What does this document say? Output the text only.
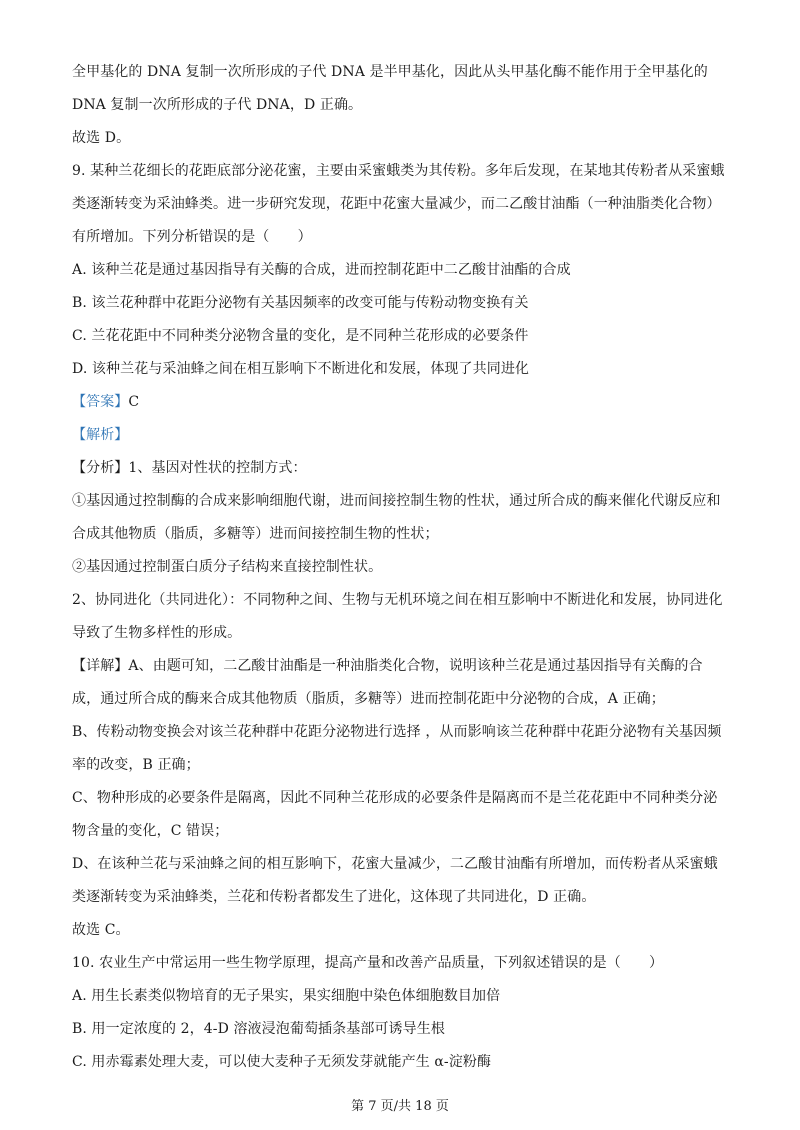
全甲基化的 DNA 复制一次所形成的子代 DNA 是半甲基化，因此从头甲基化酶不能作用于全甲基化的
DNA 复制一次所形成的子代 DNA，D 正确。
故选 D。
9. 某种兰花细长的花距底部分泌花蜜，主要由采蜜蛾类为其传粉。多年后发现，在某地其传粉者从采蜜蛾
类逐渐转变为采油蜂类。进一步研究发现，花距中花蜜大量减少，而二乙酸甘油酯（一种油脂类化合物）
有所增加。下列分析错误的是（　　）
A. 该种兰花是通过基因指导有关酶的合成，进而控制花距中二乙酸甘油酯的合成
B. 该兰花种群中花距分泌物有关基因频率的改变可能与传粉动物变换有关
C. 兰花花距中不同种类分泌物含量的变化，是不同种兰花形成的必要条件
D. 该种兰花与采油蜂之间在相互影响下不断进化和发展，体现了共同进化
【答案】C
【解析】
【分析】1、基因对性状的控制方式：
①基因通过控制酶的合成来影响细胞代谢，进而间接控制生物的性状，通过所合成的酶来催化代谢反应和
合成其他物质（脂质，多糖等）进而间接控制生物的性状；
②基因通过控制蛋白质分子结构来直接控制性状。
2、协同进化（共同进化）：不同物种之间、生物与无机环境之间在相互影响中不断进化和发展，协同进化
导致了生物多样性的形成。
【详解】A、由题可知，二乙酸甘油酯是一种油脂类化合物，说明该种兰花是通过基因指导有关酶的合
成，通过所合成的酶来合成其他物质（脂质，多糖等）进而控制花距中分泌物的合成，A 正确；
B、传粉动物变换会对该兰花种群中花距分泌物进行选择 ，从而影响该兰花种群中花距分泌物有关基因频
率的改变，B 正确；
C、物种形成的必要条件是隔离，因此不同种兰花形成的必要条件是隔离而不是兰花花距中不同种类分泌
物含量的变化，C 错误；
D、在该种兰花与采油蜂之间的相互影响下，花蜜大量减少，二乙酸甘油酯有所增加，而传粉者从采蜜蛾
类逐渐转变为采油蜂类，兰花和传粉者都发生了进化，这体现了共同进化，D 正确。
故选 C。
10. 农业生产中常运用一些生物学原理，提高产量和改善产品质量，下列叙述错误的是（　　）
A. 用生长素类似物培育的无子果实，果实细胞中染色体细胞数目加倍
B. 用一定浓度的 2，4-D 溶液浸泡葡萄插条基部可诱导生根
C. 用赤霉素处理大麦，可以使大麦种子无须发芽就能产生 α-淀粉酶
第 7 页/共 18 页
